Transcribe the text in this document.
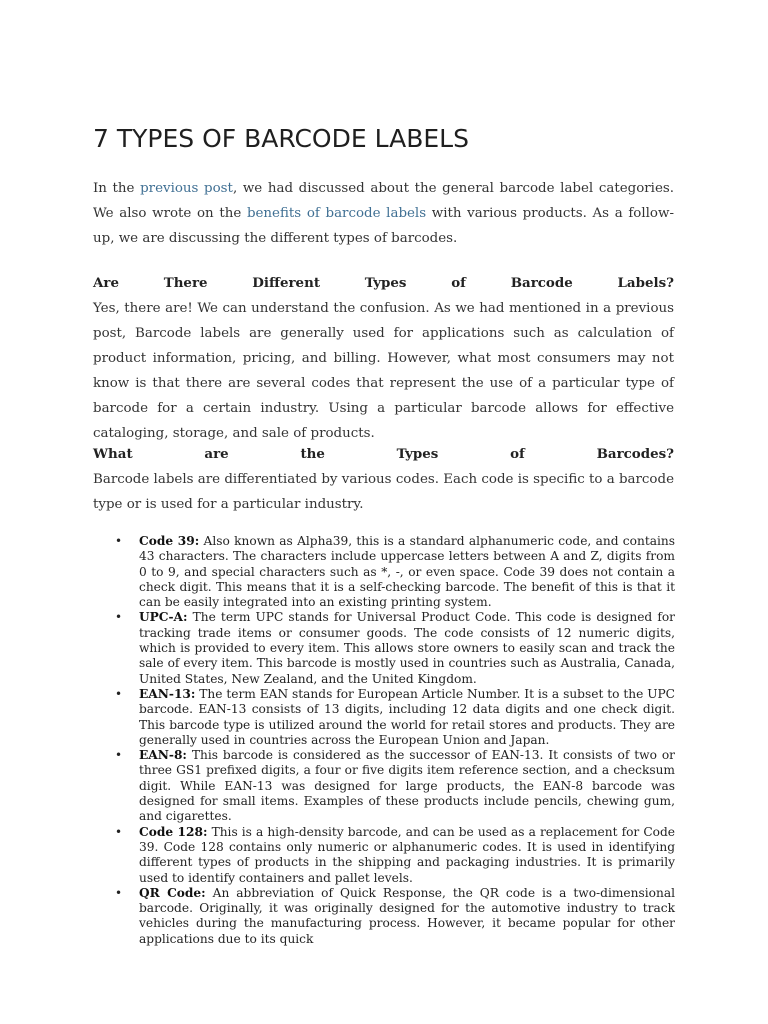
7 TYPES OF BARCODE LABELS
In the previous post, we had discussed about the general barcode label categories. We also wrote on the benefits of barcode labels with various products. As a follow-up, we are discussing the different types of barcodes.
Are	There	Different	Types	of	Barcode	Labels?

Yes, there are! We can understand the confusion. As we had mentioned in a previous post, Barcode labels are generally used for applications such as calculation of product information, pricing, and billing. However, what most consumers may not know is that there are several codes that represent the use of a particular type of barcode for a certain industry. Using a particular barcode allows for effective cataloging, storage, and sale of products.

What	are	the	Types	of	Barcodes?

Barcode labels are differentiated by various codes. Each code is specific to a barcode type or is used for a particular industry.

• Code 39: Also known as Alpha39, this is a standard alphanumeric code, and contains 43 characters. The characters include uppercase letters between A and Z, digits from 0 to 9, and special characters such as *, -, or even space. Code 39 does not contain a check digit. This means that it is a self-checking barcode. The benefit of this is that it can be easily integrated into an existing printing system.
• UPC-A: The term UPC stands for Universal Product Code. This code is designed for tracking trade items or consumer goods. The code consists of 12 numeric digits, which is provided to every item. This allows store owners to easily scan and track the sale of every item. This barcode is mostly used in countries such as Australia, Canada, United States, New Zealand, and the United Kingdom.
• EAN-13: The term EAN stands for European Article Number. It is a subset to the UPC barcode. EAN-13 consists of 13 digits, including 12 data digits and one check digit. This barcode type is utilized around the world for retail stores and products. They are generally used in countries across the European Union and Japan.
• EAN-8: This barcode is considered as the successor of EAN-13. It consists of two or three GS1 prefixed digits, a four or five digits item reference section, and a checksum digit. While EAN-13 was designed for large products, the EAN-8 barcode was designed for small items. Examples of these products include pencils, chewing gum, and cigarettes.
• Code 128: This is a high-density barcode, and can be used as a replacement for Code 39. Code 128 contains only numeric or alphanumeric codes. It is used in identifying different types of products in the shipping and packaging industries. It is primarily used to identify containers and pallet levels.
• QR Code: An abbreviation of Quick Response, the QR code is a two-dimensional barcode. Originally, it was originally designed for the automotive industry to track vehicles during the manufacturing process. However, it became popular for other applications due to its quick
